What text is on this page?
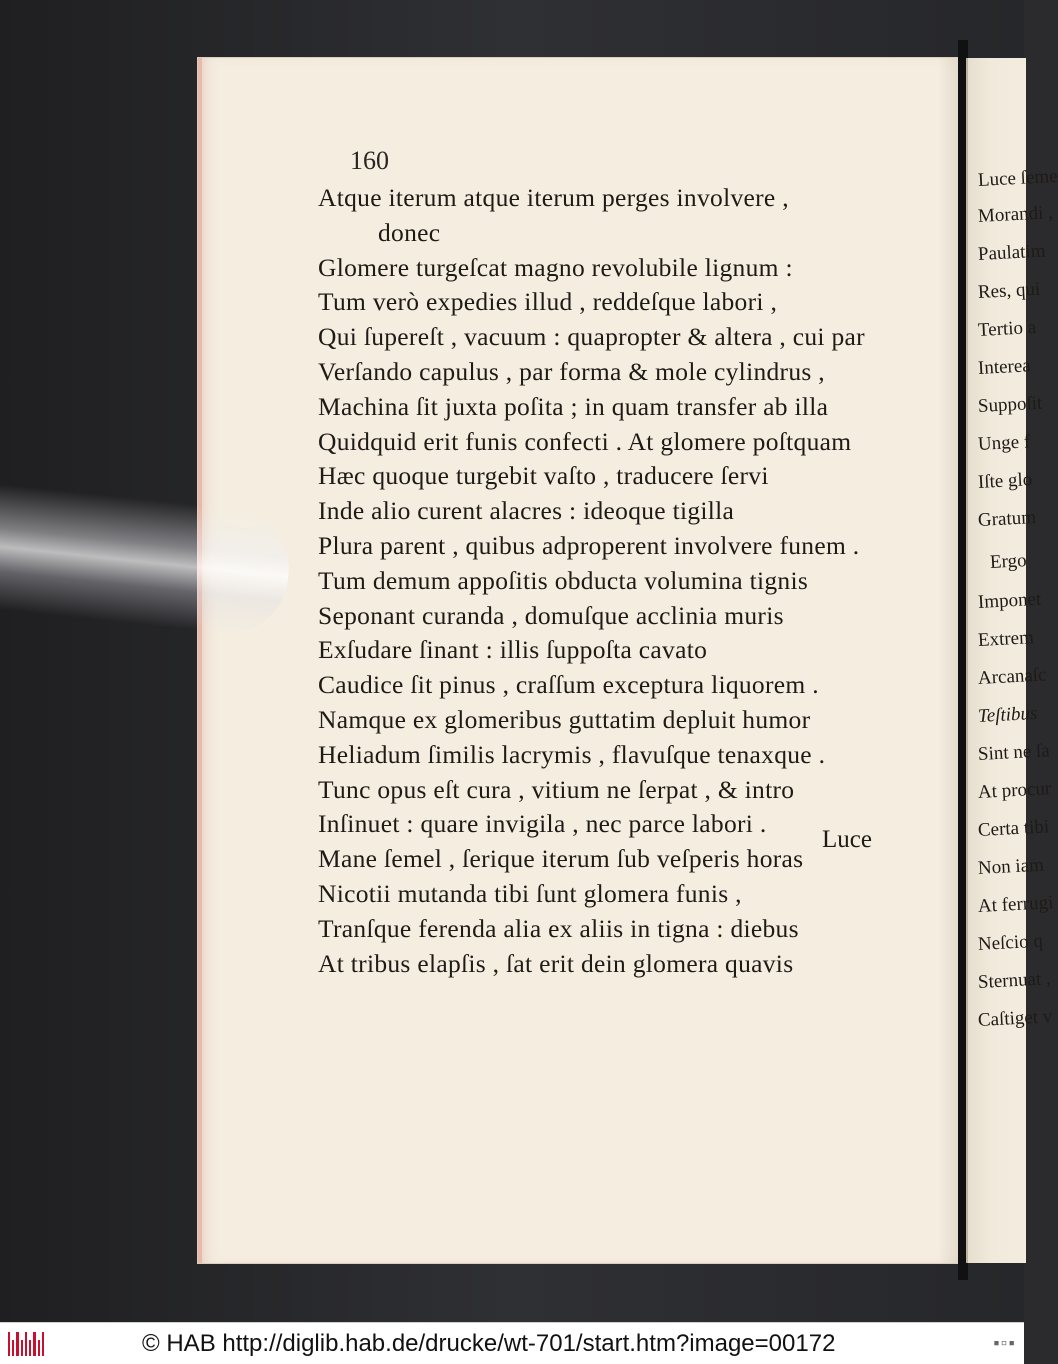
160
Atque iterum atque iterum perges involvere ,
donec
Glomere turgeſcat magno revolubile lignum :
Tum verò expedies illud , reddeſque labori ,
Qui ſupereſt , vacuum : quapropter & altera , cui par
Verſando capulus , par forma & mole cylindrus ,
Machina ſit juxta poſita ; in quam transfer ab illa
Quidquid erit funis confecti . At glomere poſtquam
Hæc quoque turgebit vaſto , traducere ſervi
Inde alio curent alacres : ideoque tigilla
Plura parent , quibus adproperent involvere funem .
Tum demum appoſitis obducta volumina tignis
Seponant curanda , domuſque acclinia muris
Exſudare ſinant : illis ſuppoſta cavato
Caudice ſit pinus , craſſum exceptura liquorem .
Namque ex glomeribus guttatim depluit humor
Heliadum ſimilis lacrymis , flavuſque tenaxque .
Tunc opus eſt cura , vitium ne ſerpat , & intro
Inſinuet : quare invigila , nec parce labori .
Mane ſemel , ſerique iterum ſub veſperis horas
Nicotii mutanda tibi ſunt glomera funis ,
Tranſque ferenda alia ex aliis in tigna : diebus
At tribus elapſis , ſat erit dein glomera quavis
Luce
Luce ſeme
Morandi ,
Paulatim
Res, qui
Tertio a
Interea
Suppoſit
Unge f
Iſte glo
Gratum
Ergo
Imponet
Extrem
Arcanaſc
Teſtibus
Sint ne ſa
At procur
Certa tibi
Non iam
At ferrugi
Neſcio q
Sternuat ,
Caſtiget v
© HAB http://diglib.hab.de/drucke/wt-701/start.htm?image=00172	▪▫▪
